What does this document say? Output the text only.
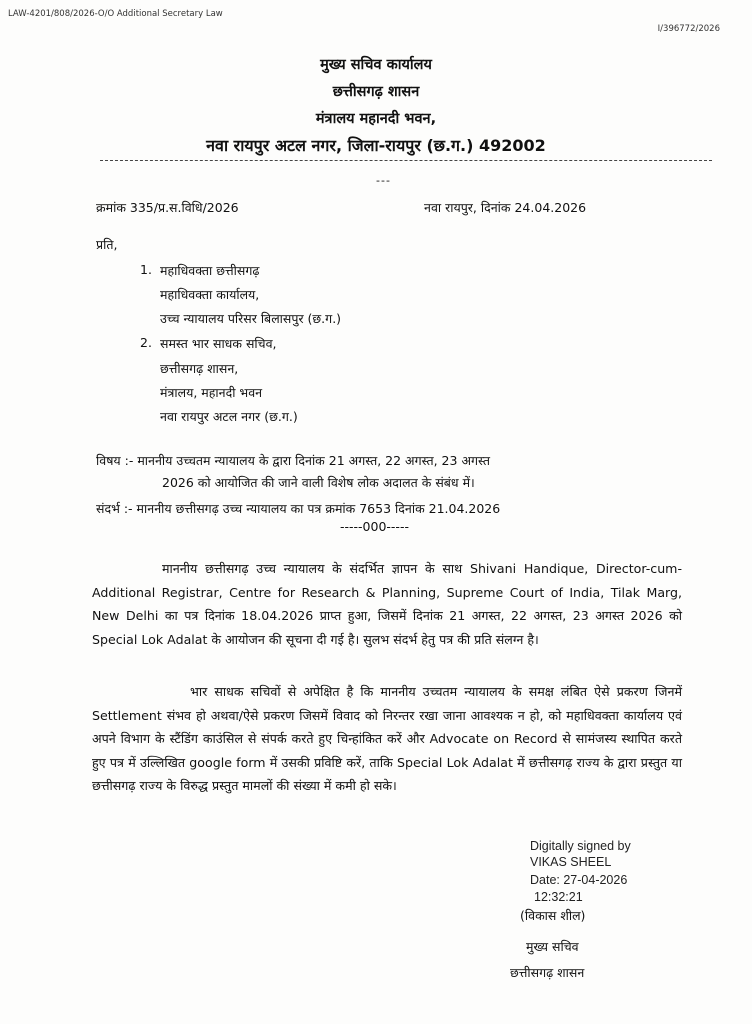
LAW-4201/808/2026-O/O Additional Secretary Law
I/396772/2026
मुख्य सचिव कार्यालय
छत्तीसगढ़ शासन
मंत्रालय महानदी भवन,
नवा रायपुर अटल नगर, जिला-रायपुर (छ.ग.) 492002
---
क्रमांक 335/प्र.स.विधि/2026	नवा रायपुर, दिनांक 24.04.2026
प्रति,
1. महाधिवक्ता छत्तीसगढ़
महाधिवक्ता कार्यालय,
उच्च न्यायालय परिसर बिलासपुर (छ.ग.)
2. समस्त भार साधक सचिव,
छत्तीसगढ़ शासन,
मंत्रालय, महानदी भवन
नवा रायपुर अटल नगर (छ.ग.)
विषय :- माननीय उच्चतम न्यायालय के द्वारा दिनांक 21 अगस्त, 22 अगस्त, 23 अगस्त
2026 को आयोजित की जाने वाली विशेष लोक अदालत के संबंध में।
संदर्भ :- माननीय छत्तीसगढ़ उच्च न्यायालय का पत्र क्रमांक 7653 दिनांक 21.04.2026
-----000-----
माननीय छत्तीसगढ़ उच्च न्यायालय के संदर्भित ज्ञापन के साथ Shivani Handique, Director-cum-Additional Registrar, Centre for Research & Planning, Supreme Court of India, Tilak Marg, New Delhi का पत्र दिनांक 18.04.2026 प्राप्त हुआ, जिसमें दिनांक 21 अगस्त, 22 अगस्त, 23 अगस्त 2026 को Special Lok Adalat के आयोजन की सूचना दी गई है। सुलभ संदर्भ हेतु पत्र की प्रति संलग्न है।
भार साधक सचिवों से अपेक्षित है कि माननीय उच्चतम न्यायालय के समक्ष लंबित ऐसे प्रकरण जिनमें Settlement संभव हो अथवा/ऐसे प्रकरण जिसमें विवाद को निरन्तर रखा जाना आवश्यक न हो, को महाधिवक्ता कार्यालय एवं अपने विभाग के स्टैंडिंग काउंसिल से संपर्क करते हुए चिन्हांकित करें और Advocate on Record से सामंजस्य स्थापित करते हुए पत्र में उल्लिखित google form में उसकी प्रविष्टि करें, ताकि Special Lok Adalat में छत्तीसगढ़ राज्य के द्वारा प्रस्तुत या छत्तीसगढ़ राज्य के विरुद्ध प्रस्तुत मामलों की संख्या में कमी हो सके।
Digitally signed by
VIKAS SHEEL
Date: 27-04-2026
12:32:21
(विकास शील)
मुख्य सचिव
छत्तीसगढ़ शासन
